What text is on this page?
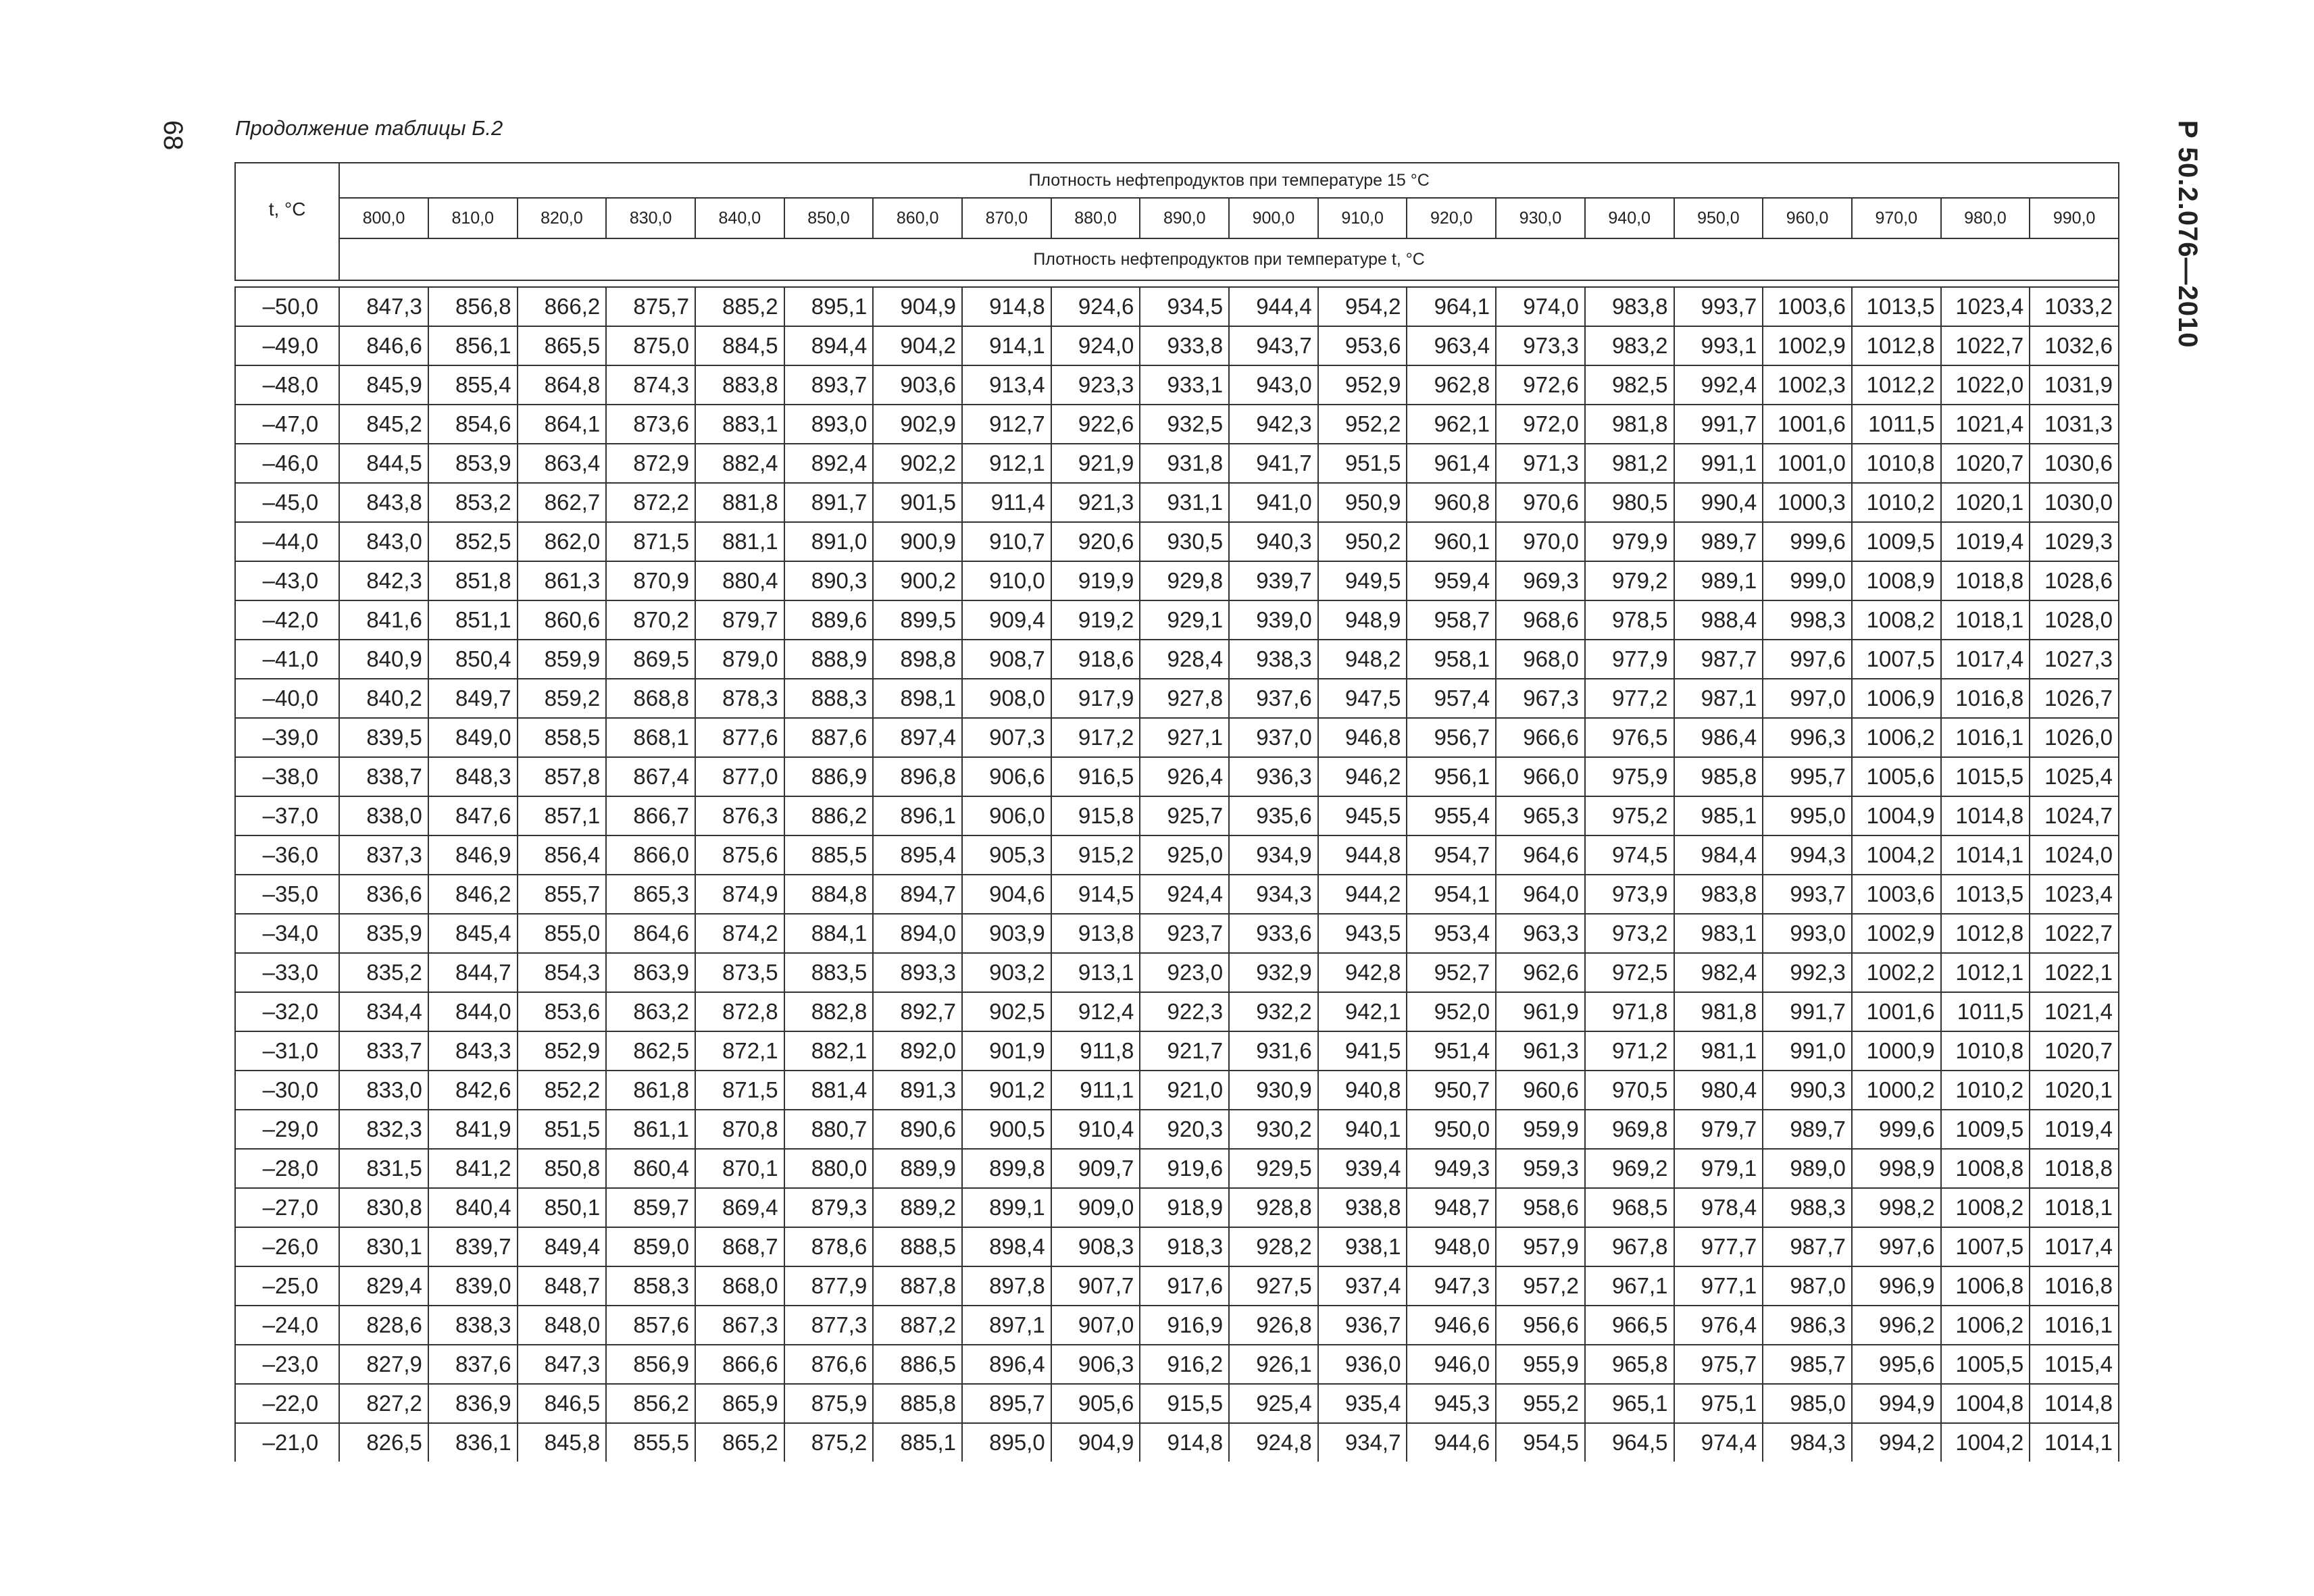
68 Продолжение таблицы Б.2	Р 50.2.076—2010
t, °C	Плотность нефтепродуктов при температуре 15 °С																			
	800,0	810,0	820,0	830,0	840,0	850,0	860,0	870,0	880,0	890,0	900,0	910,0	920,0	930,0	940,0	950,0	960,0	970,0	980,0	990,0
	Плотность нефтепродуктов при температуре t, °С																			

–50,0	847,3	856,8	866,2	875,7	885,2	895,1	904,9	914,8	924,6	934,5	944,4	954,2	964,1	974,0	983,8	993,7	1003,6	1013,5	1023,4	1033,2
–49,0	846,6	856,1	865,5	875,0	884,5	894,4	904,2	914,1	924,0	933,8	943,7	953,6	963,4	973,3	983,2	993,1	1002,9	1012,8	1022,7	1032,6
–48,0	845,9	855,4	864,8	874,3	883,8	893,7	903,6	913,4	923,3	933,1	943,0	952,9	962,8	972,6	982,5	992,4	1002,3	1012,2	1022,0	1031,9
–47,0	845,2	854,6	864,1	873,6	883,1	893,0	902,9	912,7	922,6	932,5	942,3	952,2	962,1	972,0	981,8	991,7	1001,6	1011,5	1021,4	1031,3
–46,0	844,5	853,9	863,4	872,9	882,4	892,4	902,2	912,1	921,9	931,8	941,7	951,5	961,4	971,3	981,2	991,1	1001,0	1010,8	1020,7	1030,6
–45,0	843,8	853,2	862,7	872,2	881,8	891,7	901,5	911,4	921,3	931,1	941,0	950,9	960,8	970,6	980,5	990,4	1000,3	1010,2	1020,1	1030,0
–44,0	843,0	852,5	862,0	871,5	881,1	891,0	900,9	910,7	920,6	930,5	940,3	950,2	960,1	970,0	979,9	989,7	999,6	1009,5	1019,4	1029,3
–43,0	842,3	851,8	861,3	870,9	880,4	890,3	900,2	910,0	919,9	929,8	939,7	949,5	959,4	969,3	979,2	989,1	999,0	1008,9	1018,8	1028,6
–42,0	841,6	851,1	860,6	870,2	879,7	889,6	899,5	909,4	919,2	929,1	939,0	948,9	958,7	968,6	978,5	988,4	998,3	1008,2	1018,1	1028,0
–41,0	840,9	850,4	859,9	869,5	879,0	888,9	898,8	908,7	918,6	928,4	938,3	948,2	958,1	968,0	977,9	987,7	997,6	1007,5	1017,4	1027,3
–40,0	840,2	849,7	859,2	868,8	878,3	888,3	898,1	908,0	917,9	927,8	937,6	947,5	957,4	967,3	977,2	987,1	997,0	1006,9	1016,8	1026,7
–39,0	839,5	849,0	858,5	868,1	877,6	887,6	897,4	907,3	917,2	927,1	937,0	946,8	956,7	966,6	976,5	986,4	996,3	1006,2	1016,1	1026,0
–38,0	838,7	848,3	857,8	867,4	877,0	886,9	896,8	906,6	916,5	926,4	936,3	946,2	956,1	966,0	975,9	985,8	995,7	1005,6	1015,5	1025,4
–37,0	838,0	847,6	857,1	866,7	876,3	886,2	896,1	906,0	915,8	925,7	935,6	945,5	955,4	965,3	975,2	985,1	995,0	1004,9	1014,8	1024,7
–36,0	837,3	846,9	856,4	866,0	875,6	885,5	895,4	905,3	915,2	925,0	934,9	944,8	954,7	964,6	974,5	984,4	994,3	1004,2	1014,1	1024,0
–35,0	836,6	846,2	855,7	865,3	874,9	884,8	894,7	904,6	914,5	924,4	934,3	944,2	954,1	964,0	973,9	983,8	993,7	1003,6	1013,5	1023,4
–34,0	835,9	845,4	855,0	864,6	874,2	884,1	894,0	903,9	913,8	923,7	933,6	943,5	953,4	963,3	973,2	983,1	993,0	1002,9	1012,8	1022,7
–33,0	835,2	844,7	854,3	863,9	873,5	883,5	893,3	903,2	913,1	923,0	932,9	942,8	952,7	962,6	972,5	982,4	992,3	1002,2	1012,1	1022,1
–32,0	834,4	844,0	853,6	863,2	872,8	882,8	892,7	902,5	912,4	922,3	932,2	942,1	952,0	961,9	971,8	981,8	991,7	1001,6	1011,5	1021,4
–31,0	833,7	843,3	852,9	862,5	872,1	882,1	892,0	901,9	911,8	921,7	931,6	941,5	951,4	961,3	971,2	981,1	991,0	1000,9	1010,8	1020,7
–30,0	833,0	842,6	852,2	861,8	871,5	881,4	891,3	901,2	911,1	921,0	930,9	940,8	950,7	960,6	970,5	980,4	990,3	1000,2	1010,2	1020,1
–29,0	832,3	841,9	851,5	861,1	870,8	880,7	890,6	900,5	910,4	920,3	930,2	940,1	950,0	959,9	969,8	979,7	989,7	999,6	1009,5	1019,4
–28,0	831,5	841,2	850,8	860,4	870,1	880,0	889,9	899,8	909,7	919,6	929,5	939,4	949,3	959,3	969,2	979,1	989,0	998,9	1008,8	1018,8
–27,0	830,8	840,4	850,1	859,7	869,4	879,3	889,2	899,1	909,0	918,9	928,8	938,8	948,7	958,6	968,5	978,4	988,3	998,2	1008,2	1018,1
–26,0	830,1	839,7	849,4	859,0	868,7	878,6	888,5	898,4	908,3	918,3	928,2	938,1	948,0	957,9	967,8	977,7	987,7	997,6	1007,5	1017,4
–25,0	829,4	839,0	848,7	858,3	868,0	877,9	887,8	897,8	907,7	917,6	927,5	937,4	947,3	957,2	967,1	977,1	987,0	996,9	1006,8	1016,8
–24,0	828,6	838,3	848,0	857,6	867,3	877,3	887,2	897,1	907,0	916,9	926,8	936,7	946,6	956,6	966,5	976,4	986,3	996,2	1006,2	1016,1
–23,0	827,9	837,6	847,3	856,9	866,6	876,6	886,5	896,4	906,3	916,2	926,1	936,0	946,0	955,9	965,8	975,7	985,7	995,6	1005,5	1015,4
–22,0	827,2	836,9	846,5	856,2	865,9	875,9	885,8	895,7	905,6	915,5	925,4	935,4	945,3	955,2	965,1	975,1	985,0	994,9	1004,8	1014,8
–21,0	826,5	836,1	845,8	855,5	865,2	875,2	885,1	895,0	904,9	914,8	924,8	934,7	944,6	954,5	964,5	974,4	984,3	994,2	1004,2	1014,1
